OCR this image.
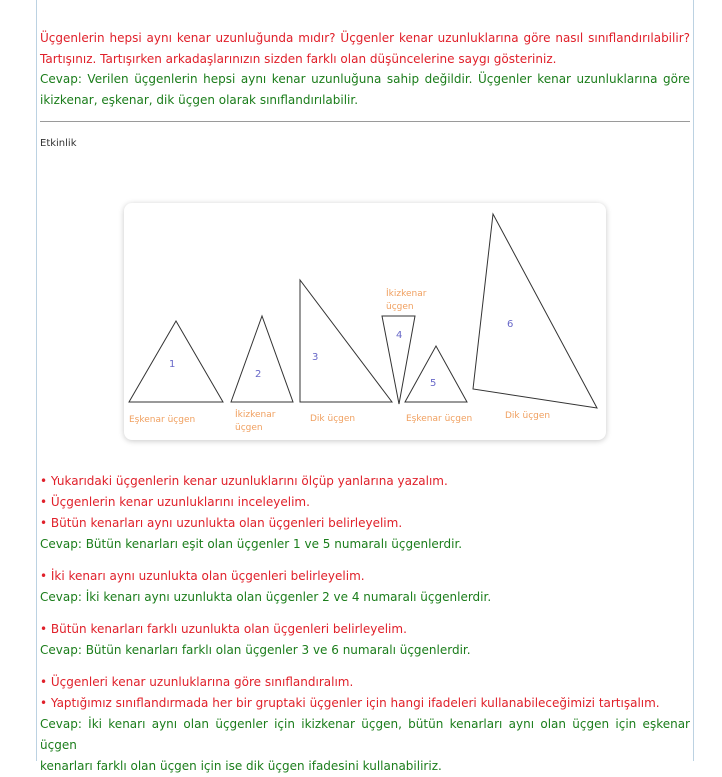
Üçgenlerin hepsi aynı kenar uzunluğunda mıdır? Üçgenler kenar uzunluklarına göre nasıl sınıflandırılabilir?

Tartışınız. Tartışırken arkadaşlarınızın sizden farklı olan düşüncelerine saygı gösteriniz.

Cevap: Verilen üçgenlerin hepsi aynı kenar uzunluğuna sahip değildir. Üçgenler kenar uzunluklarına göre

ikizkenar, eşkenar, dik üçgen olarak sınıflandırılabilir.

Etkinlik

1
Eşkenar üçgen
2
İkizkenar
üçgen
3
Dik üçgen
4
İkizkenar
üçgen
5
Eşkenar üçgen
6
Dik üçgen

• Yukarıdaki üçgenlerin kenar uzunluklarını ölçüp yanlarına yazalım.

• Üçgenlerin kenar uzunluklarını inceleyelim.

• Bütün kenarları aynı uzunlukta olan üçgenleri belirleyelim.

Cevap: Bütün kenarları eşit olan üçgenler 1 ve 5 numaralı üçgenlerdir.

• İki kenarı aynı uzunlukta olan üçgenleri belirleyelim.

Cevap: İki kenarı aynı uzunlukta olan üçgenler 2 ve 4 numaralı üçgenlerdir.

• Bütün kenarları farklı uzunlukta olan üçgenleri belirleyelim.

Cevap: Bütün kenarları farklı olan üçgenler 3 ve 6 numaralı üçgenlerdir.

• Üçgenleri kenar uzunluklarına göre sınıflandıralım.

• Yaptığımız sınıflandırmada her bir gruptaki üçgenler için hangi ifadeleri kullanabileceğimizi tartışalım.

Cevap: İki kenarı aynı olan üçgenler için ikizkenar üçgen, bütün kenarları aynı olan üçgen için eşkenar üçgen

kenarları farklı olan üçgen için ise dik üçgen ifadesini kullanabiliriz.
